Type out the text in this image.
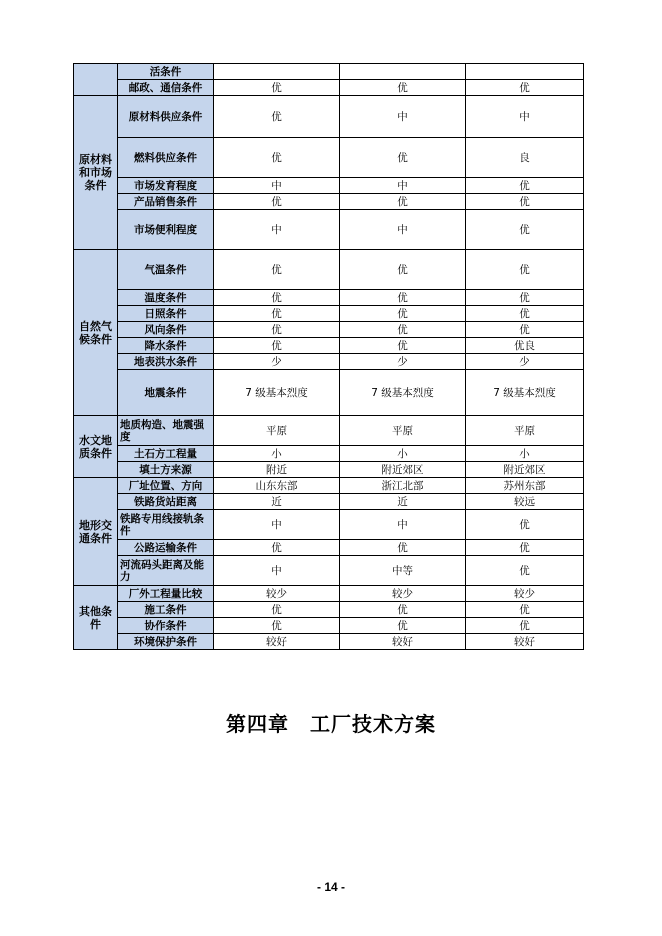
	活条件			
	邮政、通信条件	优	优	优
原材料和市场条件	原材料供应条件	优	中	中
	燃料供应条件	优	优	良
	市场发育程度	中	中	优
	产品销售条件	优	优	优
	市场便利程度	中	中	优
自然气候条件	气温条件	优	优	优
	温度条件	优	优	优
	日照条件	优	优	优
	风向条件	优	优	优
	降水条件	优	优	优良
	地表洪水条件	少	少	少
	地震条件	7 级基本烈度	7 级基本烈度	7 级基本烈度
水文地质条件	地质构造、地震强度	平原	平原	平原
	土石方工程量	小	小	小
	填土方来源	附近	附近郊区	附近郊区
地形交通条件	厂址位置、方向	山东东部	浙江北部	苏州东部
	铁路货站距离	近	近	较远
	铁路专用线接轨条件	中	中	优
	公路运输条件	优	优	优
	河流码头距离及能力	中	中等	优
其他条件	厂外工程量比较	较少	较少	较少
	施工条件	优	优	优
	协作条件	优	优	优
	环境保护条件	较好	较好	较好
第四章　工厂技术方案
- 14 -
